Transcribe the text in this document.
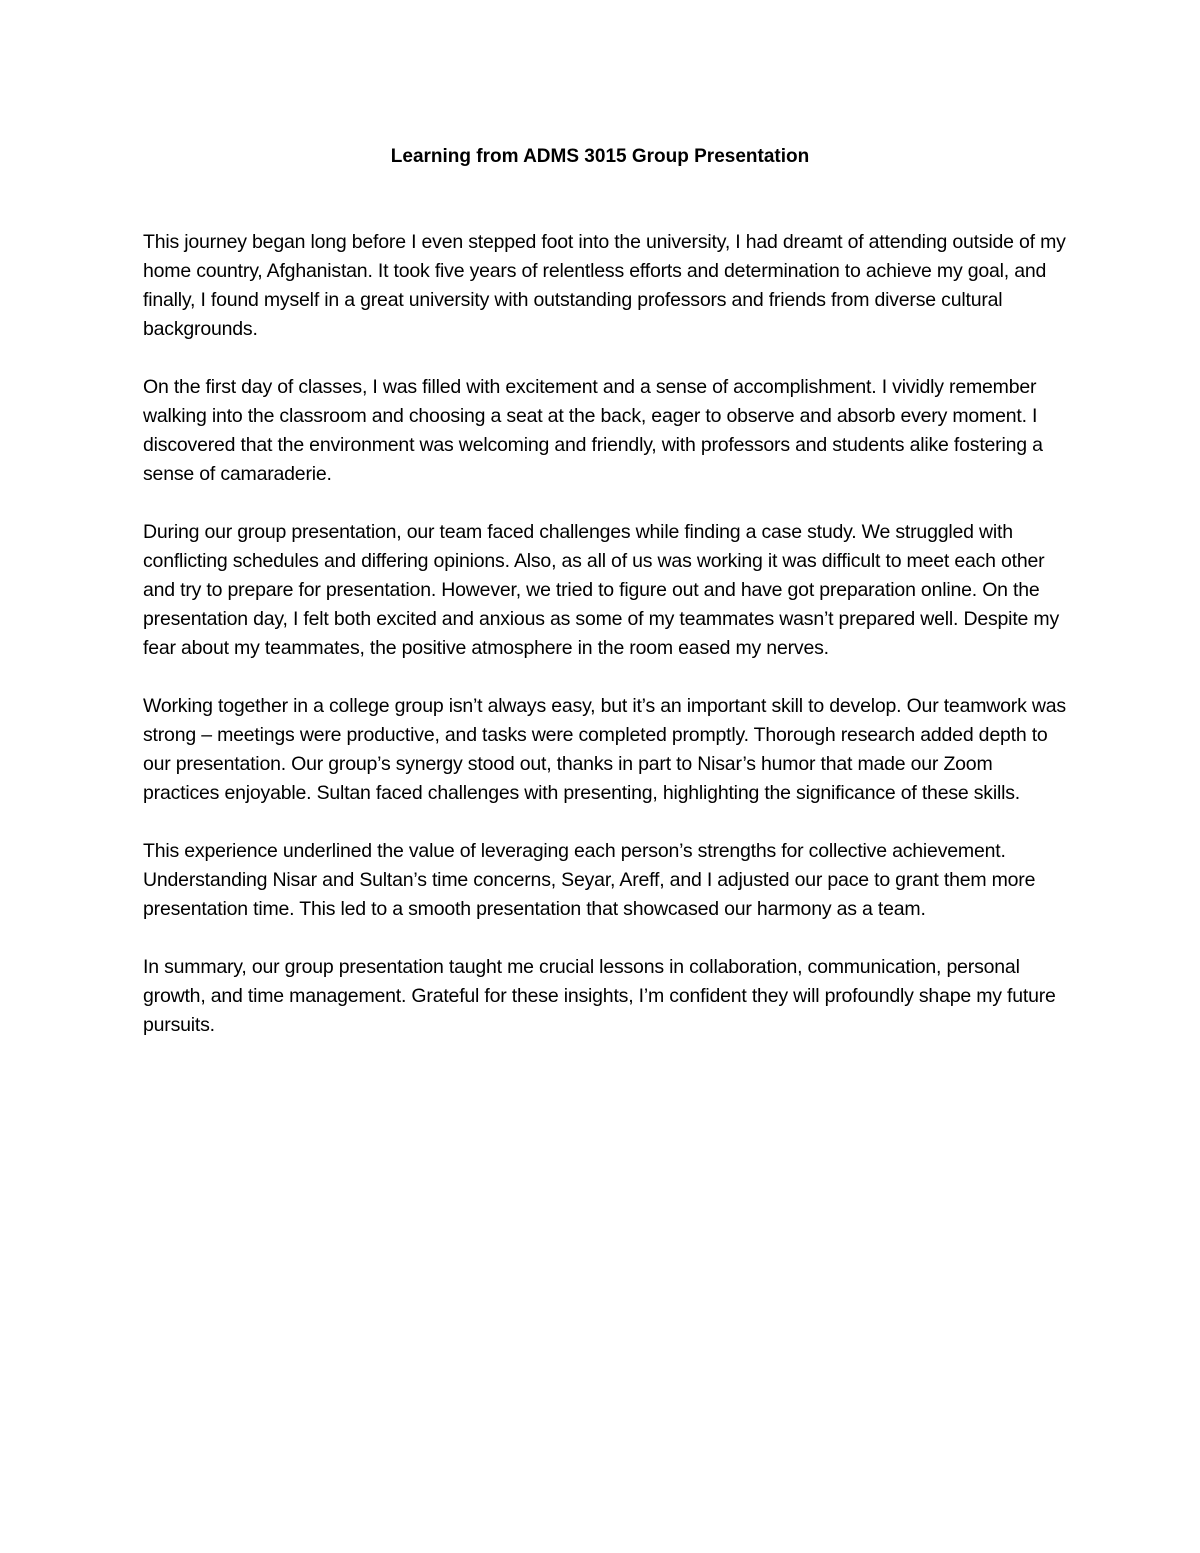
Learning from ADMS 3015 Group Presentation

This journey began long before I even stepped foot into the university, I had dreamt of attending outside of my home country, Afghanistan. It took five years of relentless efforts and determination to achieve my goal, and finally, I found myself in a great university with outstanding professors and friends from diverse cultural backgrounds.

On the first day of classes, I was filled with excitement and a sense of accomplishment. I vividly remember walking into the classroom and choosing a seat at the back, eager to observe and absorb every moment. I discovered that the environment was welcoming and friendly, with professors and students alike fostering a sense of camaraderie.

During our group presentation, our team faced challenges while finding a case study. We struggled with conflicting schedules and differing opinions. Also, as all of us was working it was difficult to meet each other and try to prepare for presentation. However, we tried to figure out and have got preparation online. On the presentation day, I felt both excited and anxious as some of my teammates wasn’t prepared well. Despite my fear about my teammates, the positive atmosphere in the room eased my nerves.

Working together in a college group isn’t always easy, but it’s an important skill to develop. Our teamwork was strong – meetings were productive, and tasks were completed promptly. Thorough research added depth to our presentation. Our group’s synergy stood out, thanks in part to Nisar’s humor that made our Zoom practices enjoyable. Sultan faced challenges with presenting, highlighting the significance of these skills.

This experience underlined the value of leveraging each person’s strengths for collective achievement. Understanding Nisar and Sultan’s time concerns, Seyar, Areff, and I adjusted our pace to grant them more presentation time. This led to a smooth presentation that showcased our harmony as a team.

In summary, our group presentation taught me crucial lessons in collaboration, communication, personal growth, and time management. Grateful for these insights, I’m confident they will profoundly shape my future pursuits.
